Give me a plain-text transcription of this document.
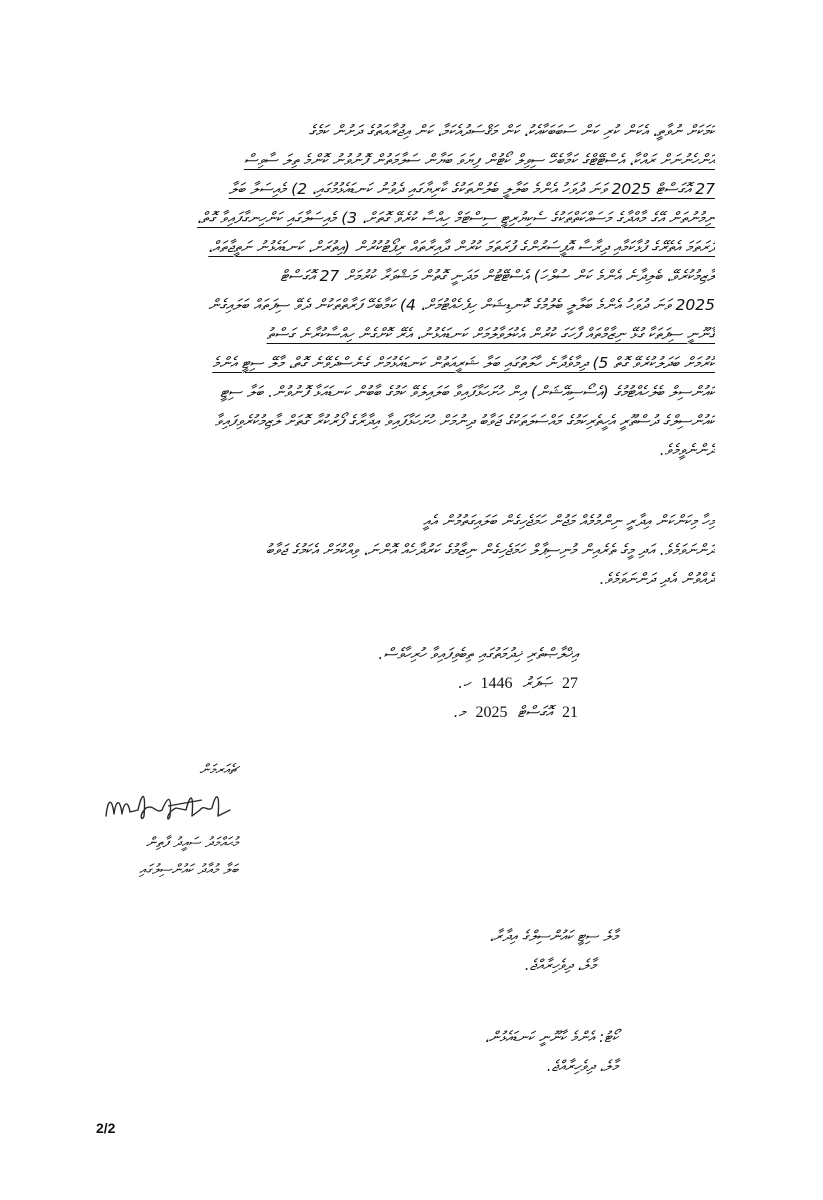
ކަމަކަށް ނުވާތީ، އެކަން ކުރި ކަން ސަބަބަކާއެކު، ކަން މަޤްސަދުއެކަމާ، ކަން އިޖުރާއަތުގެ ދަށުން ކަމެގެ
އަންހެނުނަށް ރައްކާ، އެސްޓޭޓްގެ ކަމާބެހޭ ސިވިލް ކޯޓުން ފިޔަވަ ބަޔާން ސަލާމަތުން ފޮނުވުނު ކޮންމެ ތިލަ ސާވިސް
27 އޮގަސްޓް 2025 ވަނަ ދުވަހު އެންމެ ބަލާލީ ބެލުންތަކުގެ ކާރިޔާގައި ދެވުނު ކަނޑައެޅުމުގައި، 2) މެއިސަލާ ބަލާ
ނިމުނުތަން އޭގެ މާއްދާގެ މަސައްކަތްތަކުގެ ސެކިޔުރިޓީ ސިސްޓަމް ހިއްސާ ކުރެވޭ ގޮތަށް، 3) މެއިސަލާގައި ކަންހިނގާފައިވާ ގޮތް،
ފުރަތަމަ އެތެރޭގެ ފުޅާކަމާއި ދިރާސާ އޮފީސަރުންގެ ފުރަތަމަ ކުރުން ދާއިރާތައް ރިޕޯޓުކުރުން (އިތުރަށް، ކަނޑައެޅުނު ނަތީޖާތައް،
ލާޒިމުކުރެވޭ، ބެލިދާނެ އެންމެ ކަން ސުލްހަ) އެސްޓޭޓުން މަދަނީ ގޮތުން މަޝްވަރާ ކުރުމަށް 27 އޮގަސްޓް
2025 ވަނަ ދުވަހު އެންމެ ބަލާލީ ބެލުމުގެ ކޮނޑިޝަން ހިފެހެއްޓުމަށް، 4) ކަމާބެހޭ ފަރާތްތަކުން ދެވޭ ސިފަތައް ބަލައިގެން
ޤާނޫނީ ސިފަތަކާ ގުޅޭ ނިޒާމްތައް ފާހަގަ ކުރުން އެކުލަވާލުމަށް ކަނޑައެޅުނު، އެރޭ ކޮށްގެން ހިއްސާކުރާނެ ގަސްތު
ކުރުމަށް ބަދަލުކުރެވޭ ގޮތް 5) ދިމާވެދާނެ ހާލަތުގައި ބަލާ ޝަރީއަތުން ކަނޑައެޅުމަށް ގެނެސްދެވޭނެ ގޮތް، މާލޭ ސިޓީ އެންމެ
ކައުންސިލް ބެލެހެއްޓުމުގެ (އެސޯސިއޭޝަން) އިން ހުށަހަޅާފައިވާ ބަލައިލެވޭ ކަމުގެ ބާބުން ކަނޑައަޅާ ފޮނުވުން. ބަލާ ސިޓީ
ކައުންސިލްގެ ދުސްތޫރީ އެހީތެރިކަމުގެ މައްސަލަތަކުގެ ޖަވާބު ދިނުމަށް ހުށަހަޅާފައިވާ އިދާރާގެ ފޯރުކުރާ ގޮތަށް ލާޒިމުކުރެވިފައިވާ
ދެންނެވީމެވެ.
މިހާ މިކަންކަން އިދާރީ ނިންމުމެއް މަޖުން ހަމަޖެހިގެން ބަލައިގަތުމުން އެއީ
ދަންނަވަމެވެ. އަދި މީގެ ތެރެއިން މުނިސިޕާލް ހަމަޖެހިގެން ނިޒާމުގެ ކަރުދާހެއް އޮންނަ، ވިއްކުމަށް އެކަމުގެ ޖަވާބު
ދެއްވުން އެދި ދަންނަވަމެވެ.
އިޚްލާޞްތެރި ޚިދުމަތުގައި ތިބެވިފައިވާ ހުރިހާވެސް.
27
ޞަފަރު
1446
ހ.
21
އޮގަސްޓް
2025
މ.
ޗެއަރމަން
މުޙައްމަދު ސައީދު ފާތިން
ބަލާ މުއާދު ކައުންސިލުގައި
މާލެ ސިޓީ ކައުންސިލްގެ އިދާރާ،
މާލެ، ދިވެހިރާއްޖެ.
ކޯޓު: އެންމެ ކާނޫނީ ކަނޑައެޅުން،
މާލެ، ދިވެހިރާއްޖެ.
2/2
